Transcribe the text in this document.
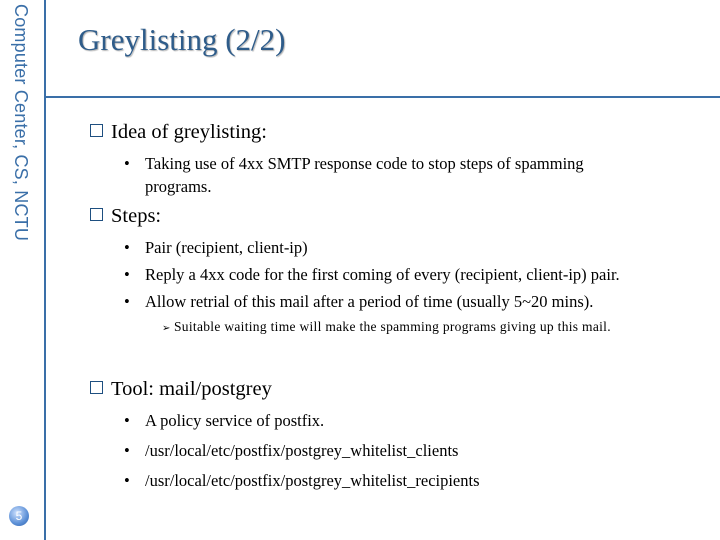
Computer Center, CS, NCTU Greylisting (2/2)
Idea of greylisting:
• Taking use of 4xx SMTP response code to stop steps of spamming
programs.
Steps:
• Pair (recipient, client-ip)
• Reply a 4xx code for the first coming of every (recipient, client-ip) pair.
• Allow retrial of this mail after a period of time (usually 5~20 mins).
➢ Suitable waiting time will make the spamming programs giving up this mail.
Tool: mail/postgrey
• A policy service of postfix.
• /usr/local/etc/postfix/postgrey_whitelist_clients
• /usr/local/etc/postfix/postgrey_whitelist_recipients
5
